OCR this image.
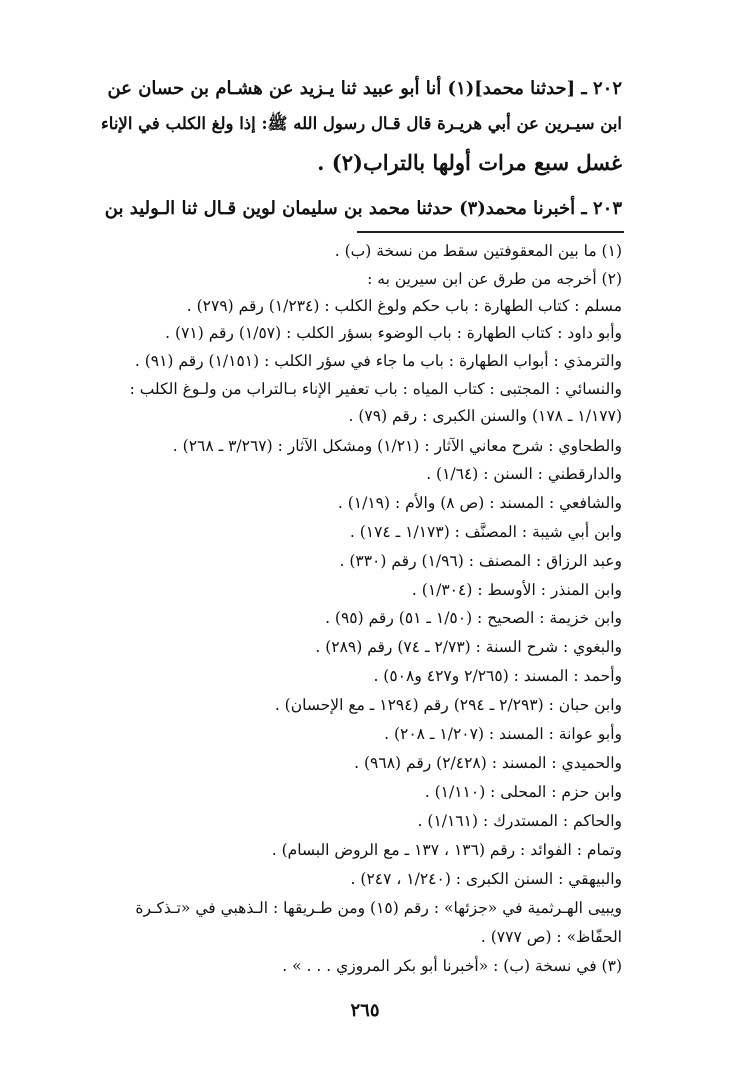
٢٠٢ ـ [حدثنا محمد](١) أنا أبو عبيد ثنا يـزيد عن هشـام بن حسان عن
ابن سيـرين عن أبي هريـرة قال قـال رسول الله ﷺ: إذا ولغ الكلب في الإناء
غسل سبع مرات أولها بالتراب(٢) .
٢٠٣ ـ أخبرنا محمد(٣) حدثنا محمد بن سليمان لوين قـال ثنا الـوليد بن
(١) ما بين المعقوفتين سقط من نسخة (ب) .
(٢) أخرجه من طرق عن ابن سيرين به :
مسلم : كتاب الطهارة : باب حكم ولوغ الكلب : (١/٢٣٤) رقم (٢٧٩) .
وأبو داود : كتاب الطهارة : باب الوضوء بسؤر الكلب : (١/٥٧) رقم (٧١) .
والترمذي : أبواب الطهارة : باب ما جاء في سؤر الكلب : (١/١٥١) رقم (٩١) .
والنسائي : المجتبى : كتاب المياه : باب تعفير الإناء بـالتراب من ولـوغ الكلب :
(١/١٧٧ ـ ١٧٨) والسنن الكبرى : رقم (٧٩) .
والطحاوي : شرح معاني الآثار : (١/٢١) ومشكل الآثار : (٣/٢٦٧ ـ ٢٦٨) .
والدارقطني : السنن : (١/٦٤) .
والشافعي : المسند : (ص ٨) والأم : (١/١٩) .
وابن أبي شيبة : المصنَّف : (١/١٧٣ ـ ١٧٤) .
وعبد الرزاق : المصنف : (١/٩٦) رقم (٣٣٠) .
وابن المنذر : الأوسط : (١/٣٠٤) .
وابن خزيمة : الصحيح : (١/٥٠ ـ ٥١) رقم (٩٥) .
والبغوي : شرح السنة : (٢/٧٣ ـ ٧٤) رقم (٢٨٩) .
وأحمد : المسند : (٢/٢٦٥ و٤٢٧ و٥٠٨) .
وابن حبان : (٢/٢٩٣ ـ ٢٩٤) رقم (١٢٩٤ ـ مع الإحسان) .
وأبو عوانة : المسند : (١/٢٠٧ ـ ٢٠٨) .
والحميدي : المسند : (٢/٤٢٨) رقم (٩٦٨) .
وابن حزم : المحلى : (١/١١٠) .
والحاكم : المستدرك : (١/١٦١) .
وتمام : الفوائد : رقم (١٣٦ ، ١٣٧ ـ مع الروض البسام) .
والبيهقي : السنن الكبرى : (١/٢٤٠ ، ٢٤٧) .
ويبيى الهـرثمية في «جزئها» : رقم (١٥) ومن طـريقها : الـذهبي في «تـذكـرة
الحفّاظ» : (ص ٧٧٧) .
(٣) في نسخة (ب) : «أخبرنا أبو بكر المروزي . . . » .
٢٦٥
